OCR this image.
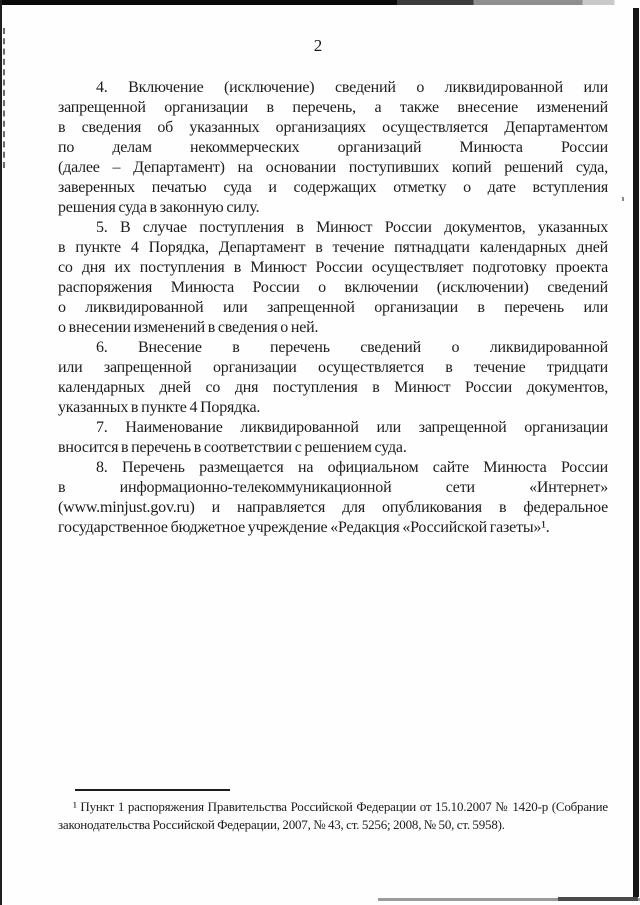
2
4. Включение (исключение) сведений о ликвидированной или
запрещенной организации в перечень, а также внесение изменений
в сведения об указанных организациях осуществляется Департаментом
по делам некоммерческих организаций Минюста России
(далее – Департамент) на основании поступивших копий решений суда,
заверенных печатью суда и содержащих отметку о дате вступления
решения суда в законную силу.
5. В случае поступления в Минюст России документов, указанных
в пункте 4 Порядка, Департамент в течение пятнадцати календарных дней
со дня их поступления в Минюст России осуществляет подготовку проекта
распоряжения Минюста России о включении (исключении) сведений
о ликвидированной или запрещенной организации в перечень или
о внесении изменений в сведения о ней.
6. Внесение в перечень сведений о ликвидированной
или запрещенной организации осуществляется в течение тридцати
календарных дней со дня поступления в Минюст России документов,
указанных в пункте 4 Порядка.
7. Наименование ликвидированной или запрещенной организации
вносится в перечень в соответствии с решением суда.
8. Перечень размещается на официальном сайте Минюста России
в информационно-телекоммуникационной сети «Интернет»
(www.minjust.gov.ru) и направляется для опубликования в федеральное
государственное бюджетное учреждение «Редакция «Российской газеты»¹.
¹ Пункт 1 распоряжения Правительства Российской Федерации от 15.10.2007 № 1420-р (Собрание
законодательства Российской Федерации, 2007, № 43, ст. 5256; 2008, № 50, ст. 5958).
